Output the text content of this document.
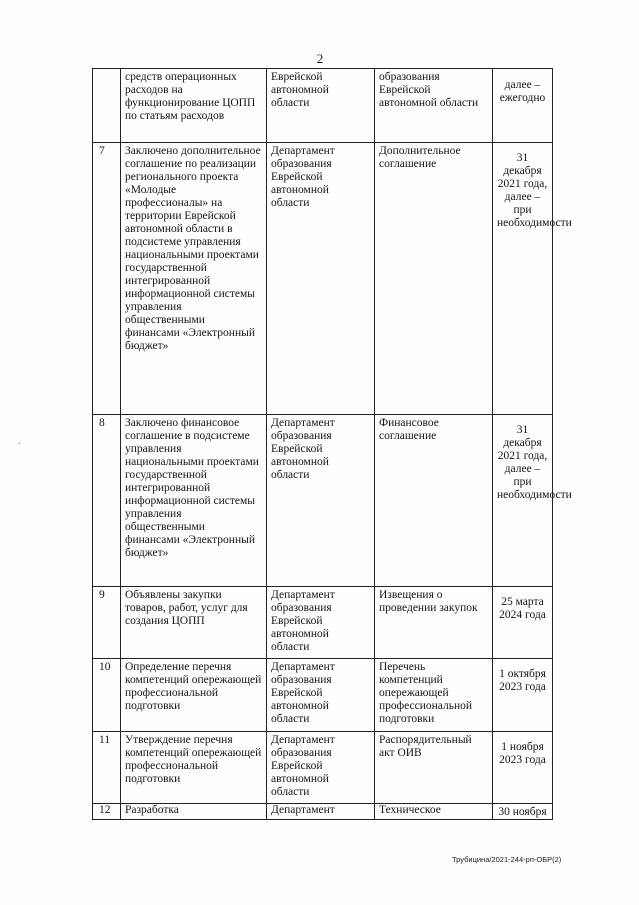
2
.
	средств операционных расходов на функционирование ЦОПП по статьям расходов	Еврейской автономной области	образования Еврейской автономной области	далее – ежегодно
7	Заключено дополнительное соглашение по реализации регионального проекта «Молодые профессионалы» на территории Еврейской автономной области в подсистеме управления национальными проектами государственной интегрированной информационной системы управления общественными финансами «Электронный бюджет»	Департамент образования Еврейской автономной области	Дополнительное соглашение	31 декабря 2021 года, далее – при необходимости
8	Заключено финансовое соглашение в подсистеме управления национальными проектами государственной интегрированной информационной системы управления общественными финансами «Электронный бюджет»	Департамент образования Еврейской автономной области	Финансовое соглашение	31 декабря 2021 года, далее – при необходимости
9	Объявлены закупки товаров, работ, услуг для создания ЦОПП	Департамент образования Еврейской автономной области	Извещения о проведении закупок	25 марта 2024 года
10	Определение перечня компетенций опережающей профессиональной подготовки	Департамент образования Еврейской автономной области	Перечень компетенций опережающей профессиональной подготовки	1 октября 2023 года
11	Утверждение перечня компетенций опережающей профессиональной подготовки	Департамент образования Еврейской автономной области	Распорядительный акт ОИВ	1 ноября 2023 года
12	Разработка	Департамент	Техническое	30 ноября
Трубицина/2021-244-рп-ОБР(2)
